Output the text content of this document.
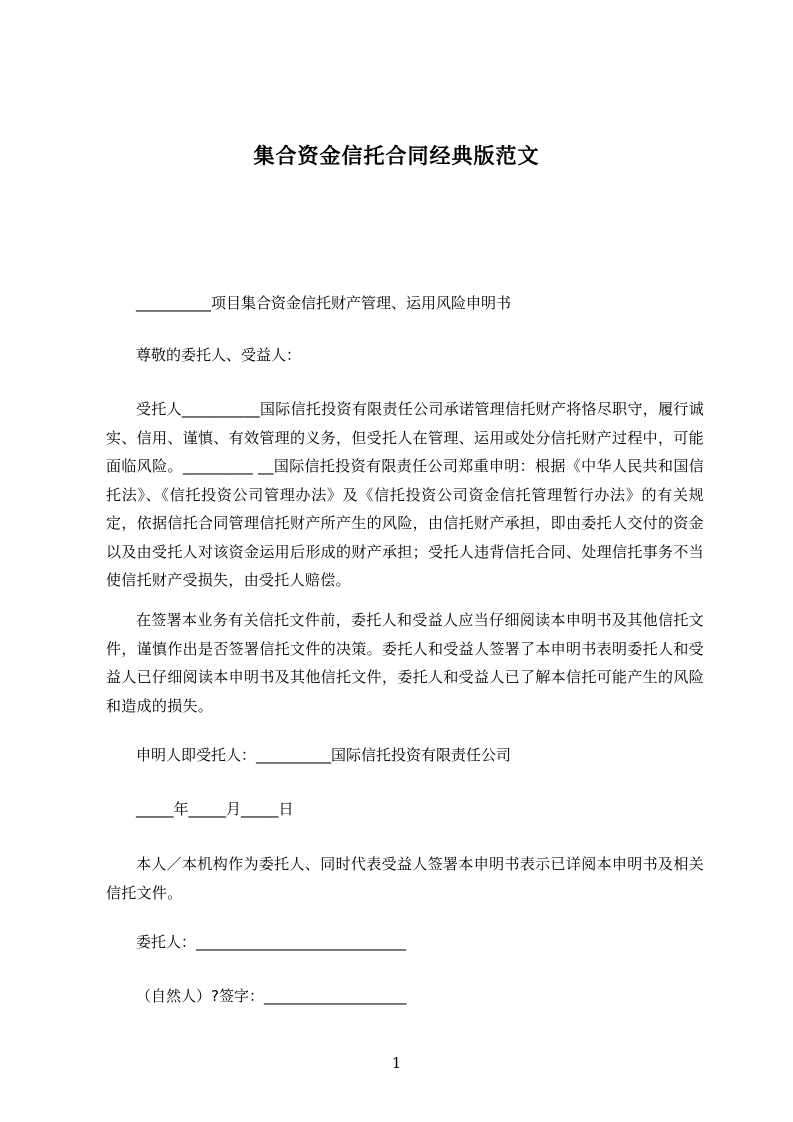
集合资金信托合同经典版范文
__________项目集合资金信托财产管理、运用风险申明书
尊敬的委托人、受益人：
受托人__________国际信托投资有限责任公司承诺管理信托财产将恪尽职守，履行诚实、信用、谨慎、有效管理的义务，但受托人在管理、运用或处分信托财产过程中，可能面临风险。_________ __国际信托投资有限责任公司郑重申明：根据《中华人民共和国信托法》、《信托投资公司管理办法》及《信托投资公司资金信托管理暂行办法》的有关规定，依据信托合同管理信托财产所产生的风险，由信托财产承担，即由委托人交付的资金以及由受托人对该资金运用后形成的财产承担；受托人违背信托合同、处理信托事务不当使信托财产受损失，由受托人赔偿。
在签署本业务有关信托文件前，委托人和受益人应当仔细阅读本申明书及其他信托文件，谨慎作出是否签署信托文件的决策。委托人和受益人签署了本申明书表明委托人和受益人已仔细阅读本申明书及其他信托文件，委托人和受益人已了解本信托可能产生的风险和造成的损失。
申明人即受托人：__________国际信托投资有限责任公司
_____年_____月_____日
本人／本机构作为委托人、同时代表受益人签署本申明书表示已详阅本申明书及相关信托文件。
委托人：____________________________
（自然人）?签字：___________________
1
